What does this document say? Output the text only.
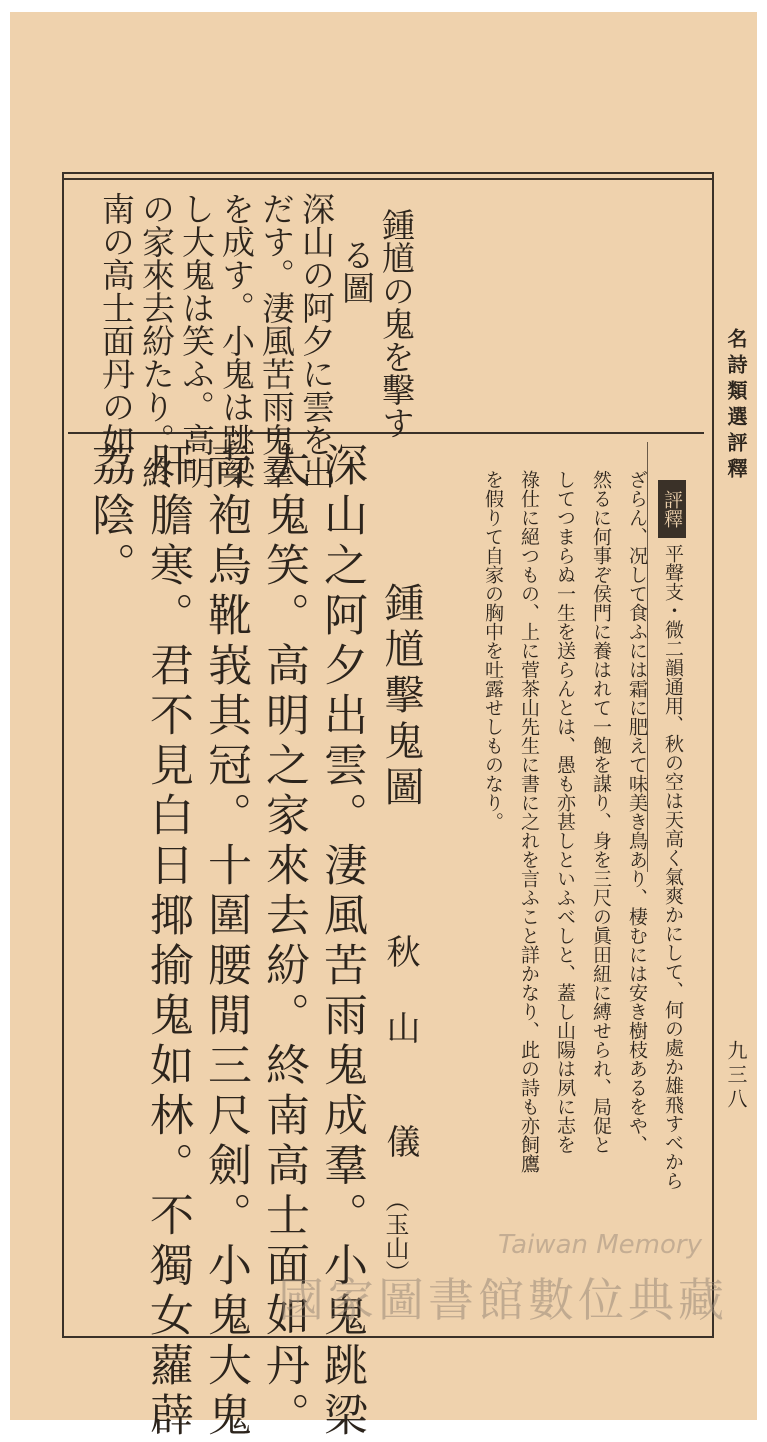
名詩類選評釋
九三八
鍾馗の鬼を擊す
る圖
深山の阿夕に雲を出
だす。淒風苦雨鬼羣
を成す。小鬼は跳梁
し大鬼は笑ふ。高明
の家來去紛たり。終
南の高士面丹の如
評釋
平聲支・微二韻通用、秋の空は天高く氣爽かにして、何の處か雄飛すべから
ざらん、况して食ふには霜に肥えて味美き鳥あり、棲むには安き樹枝あるをや、
然るに何事ぞ侯門に養はれて一飽を謀り、身を三尺の眞田紐に縛せられ、局促と
してつまらぬ一生を送らんとは、愚も亦甚しといふべしと、蓋し山陽は夙に志を
祿仕に絕つもの、上に菅茶山先生に書に之れを言ふこと詳かなり、此の詩も亦飼鷹
を假りて自家の胸中を吐露せしものなり。
鍾馗擊鬼圖
秋　山　　儀
（玉山）
深山之阿夕出雲。淒風苦雨鬼成羣。小鬼跳梁
大鬼笑。高明之家來去紛。終南高士面如丹。
青袍烏靴峩其冠。十圍腰閒三尺劍。小鬼大鬼
肝膽寒。君不見白日揶揄鬼如林。不獨女蘿薜
荔陰。
Taiwan Memory
國家圖書館數位典藏
